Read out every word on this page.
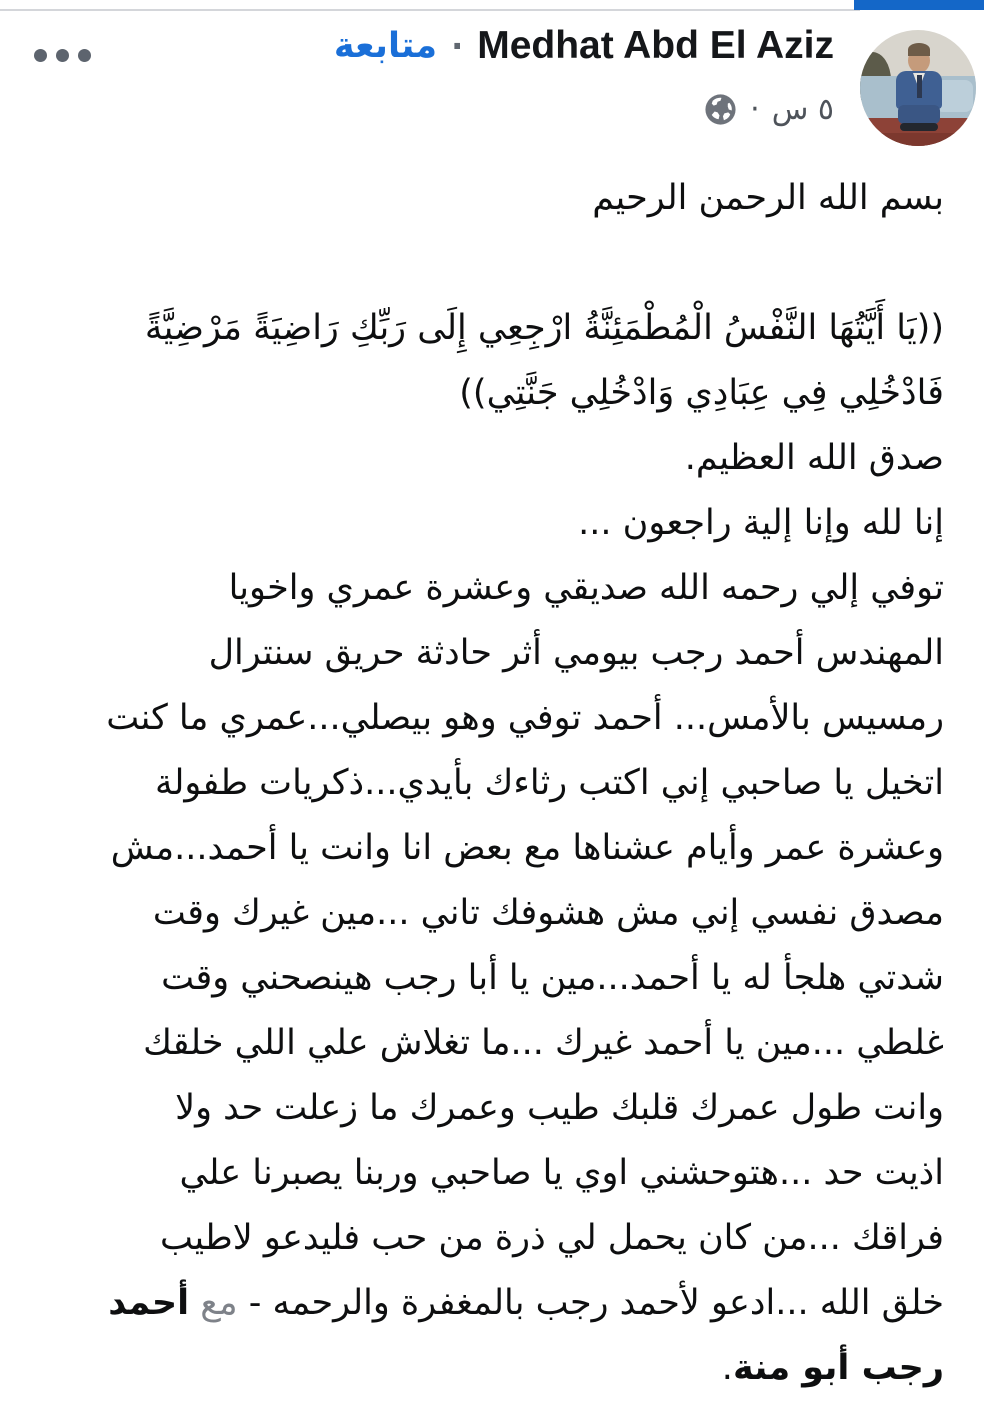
Medhat Abd El Aziz
·
متابعة
٥ س
·
بسم الله الرحمن الرحيم
((يَا أَيَّتُهَا النَّفْسُ الْمُطْمَئِنَّةُ ارْجِعِي إِلَى رَبِّكِ رَاضِيَةً مَرْضِيَّةً
فَادْخُلِي فِي عِبَادِي وَادْخُلِي جَنَّتِي))
صدق الله العظيم.
إنا لله وإنا إلية راجعون ...
توفي إلي رحمه الله صديقي وعشرة عمري واخويا
المهندس أحمد رجب بيومي أثر حادثة حريق سنترال
رمسيس بالأمس... أحمد توفي وهو بيصلي...عمري ما كنت
اتخيل يا صاحبي إني اكتب رثاءك بأيدي...ذكريات طفولة
وعشرة عمر وأيام عشناها مع بعض انا وانت يا أحمد...مش
مصدق نفسي إني مش هشوفك تاني ...مين غيرك وقت
شدتي هلجأ له يا أحمد...مين يا أبا رجب هينصحني وقت
غلطي ...مين يا أحمد غيرك ...ما تغلاش علي اللي خلقك
وانت طول عمرك قلبك طيب وعمرك ما زعلت حد ولا
اذيت حد ...هتوحشني اوي يا صاحبي وربنا يصبرنا علي
فراقك ...من كان يحمل لي ذرة من حب فليدعو لاطيب
خلق الله ...ادعو لأحمد رجب بالمغفرة والرحمه - مع أحمد
رجب أبو منة.
